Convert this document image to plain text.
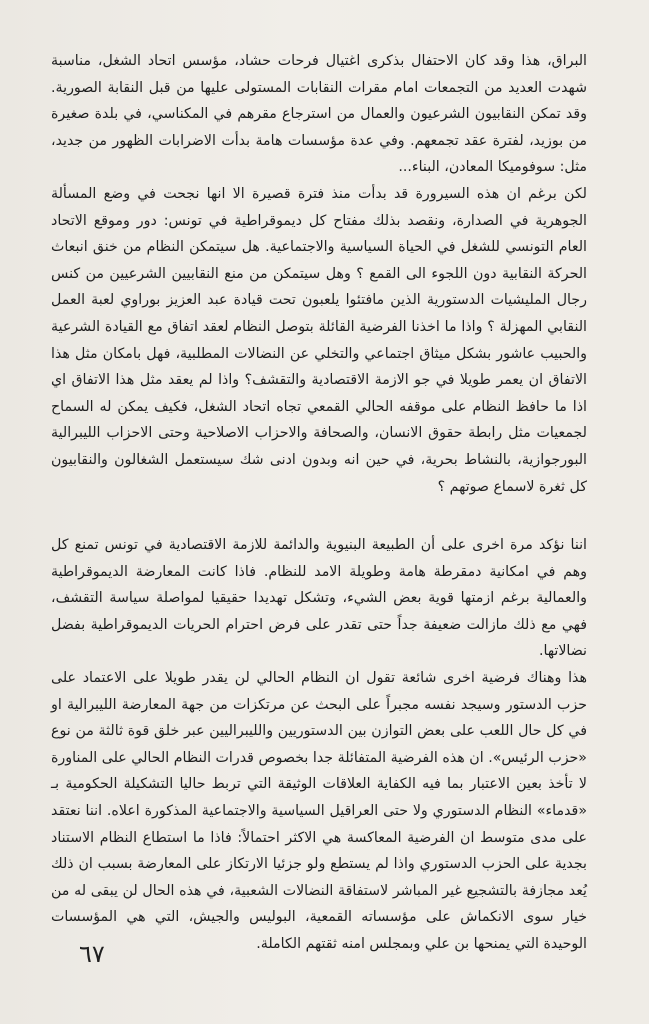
البراق، هذا وقد كان الاحتفال بذكرى اغتيال فرحات حشاد، مؤسس اتحاد الشغل، مناسبة شهدت العديد من التجمعات امام مقرات النقابات المستولى عليها من قبل النقابة الصورية. وقد تمكن النقابيون الشرعيون والعمال من استرجاع مقرهم في المكناسي، في بلدة صغيرة من بوزيد، لفترة عقد تجمعهم. وفي عدة مؤسسات هامة بدأت الاضرابات الظهور من جديد، مثل: سوفوميكا المعادن، البناء...

لكن برغم ان هذه السيرورة قد بدأت منذ فترة قصيرة الا انها نجحت في وضع المسألة الجوهرية في الصدارة، ونقصد بذلك مفتاح كل ديموقراطية في تونس: دور وموقع الاتحاد العام التونسي للشغل في الحياة السياسية والاجتماعية. هل سيتمكن النظام من خنق انبعاث الحركة النقابية دون اللجوء الى القمع ؟ وهل سيتمكن من منع النقابيين الشرعيين من كنس رجال المليشيات الدستورية الذين مافتئوا يلعبون تحت قيادة عبد العزيز بوراوي لعبة العمل النقابي المهزلة ؟ واذا ما اخذنا الفرضية القائلة بتوصل النظام لعقد اتفاق مع القيادة الشرعية والحبيب عاشور بشكل ميثاق اجتماعي والتخلي عن النضالات المطلبية، فهل بامكان مثل هذا الاتفاق ان يعمر طويلا في جو الازمة الاقتصادية والتقشف؟ واذا لم يعقد مثل هذا الاتفاق اي اذا ما حافظ النظام على موقفه الحالي القمعي تجاه اتحاد الشغل، فكيف يمكن له السماح لجمعيات مثل رابطة حقوق الانسان، والصحافة والاحزاب الاصلاحية وحتى الاحزاب الليبرالية البورجوازية، بالنشاط بحرية، في حين انه وبدون ادنى شك سيستعمل الشغالون والنقابيون كل ثغرة لاسماع صوتهم ؟

اننا نؤكد مرة اخرى على أن الطبيعة البنيوية والدائمة للازمة الاقتصادية في تونس تمنع كل وهم في امكانية دمقرطة هامة وطويلة الامد للنظام. فاذا كانت المعارضة الديموقراطية والعمالية برغم ازمتها قوية بعض الشيء، وتشكل تهديدا حقيقيا لمواصلة سياسة التقشف، فهي مع ذلك مازالت ضعيفة جداً حتى تقدر على فرض احترام الحريات الديموقراطية بفضل نضالاتها.

هذا وهناك فرضية اخرى شائعة تقول ان النظام الحالي لن يقدر طويلا على الاعتماد على حزب الدستور وسيجد نفسه مجبراً على البحث عن مرتكزات من جهة المعارضة الليبرالية او في كل حال اللعب على بعض التوازن بين الدستوريين والليبراليين عبر خلق قوة ثالثة من نوع «حزب الرئيس». ان هذه الفرضية المتفائلة جدا بخصوص قدرات النظام الحالي على المناورة لا تأخذ بعين الاعتبار بما فيه الكفاية العلاقات الوثيقة التي تربط حاليا التشكيلة الحكومية بـ «قدماء» النظام الدستوري ولا حتى العراقيل السياسية والاجتماعية المذكورة اعلاه. اننا نعتقد على مدى متوسط ان الفرضية المعاكسة هي الاكثر احتمالاً: فاذا ما استطاع النظام الاستناد بجدية على الحزب الدستوري واذا لم يستطع ولو جزئيا الارتكاز على المعارضة بسبب ان ذلك يُعد مجازفة بالتشجيع غير المباشر لاستفاقة النضالات الشعبية، في هذه الحال لن يبقى له من خيار سوى الانكماش على مؤسساته القمعية، البوليس والجيش، التي هي المؤسسات الوحيدة التي يمنحها بن علي وبمجلس امنه ثقتهم الكاملة.

٦٧
